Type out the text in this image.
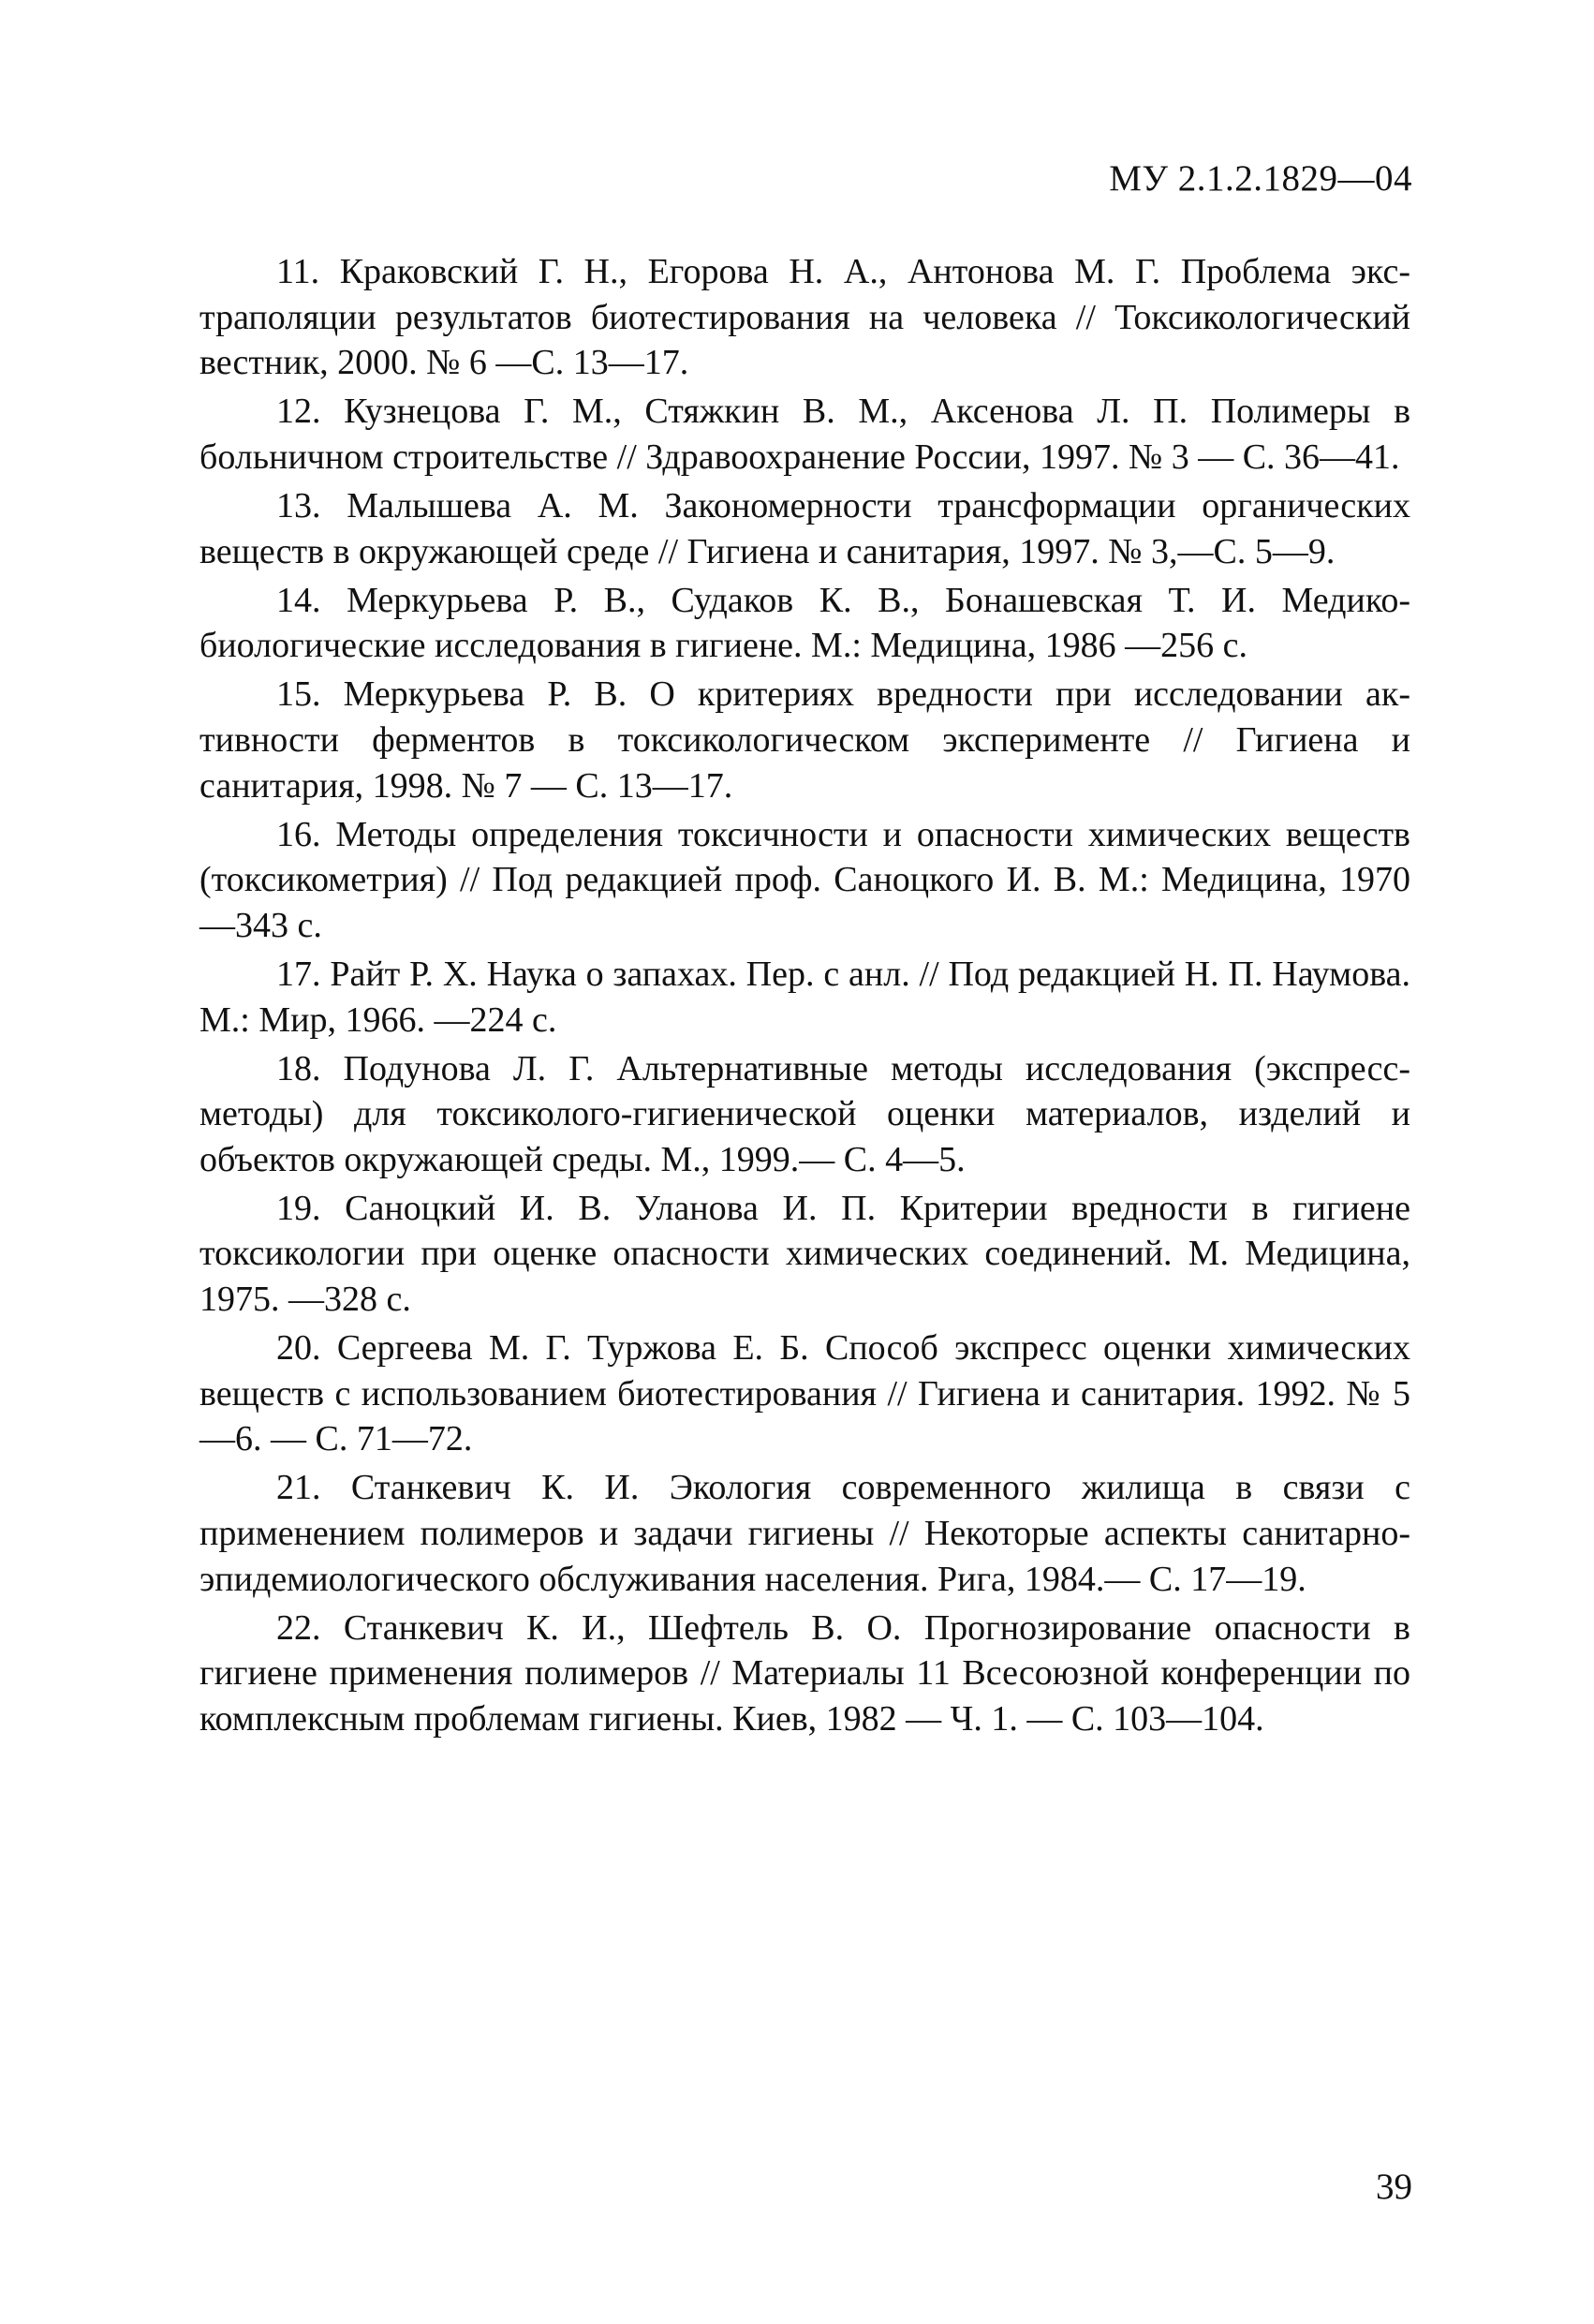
МУ 2.1.2.1829—04

11. Краковский Г. Н., Егорова Н. А., Антонова М. Г. Проблема экстраполяции результатов биотестирования на человека // Токсикологический вестник, 2000. № 6 —С. 13—17.

12. Кузнецова Г. М., Стяжкин В. М., Аксенова Л. П. Полимеры в больничном строительстве // Здравоохранение России, 1997. № 3 — С. 36—41.

13. Малышева А. М. Закономерности трансформации органических веществ в окружающей среде // Гигиена и санитария, 1997. № 3,—С. 5—9.

14. Меркурьева Р. В., Судаков К. В., Бонашевская Т. И. Медико-биологические исследования в гигиене. М.: Медицина, 1986 —256 с.

15. Меркурьева Р. В. О критериях вредности при исследовании активности ферментов в токсикологическом эксперименте // Гигиена и санитария, 1998. № 7 — С. 13—17.

16. Методы определения токсичности и опасности химических веществ (токсикометрия) // Под редакцией проф. Саноцкого И. В. М.: Медицина, 1970 —343 с.

17. Райт Р. X. Наука о запахах. Пер. с анл. // Под редакцией Н. П. Наумова. М.: Мир, 1966. —224 с.

18. Подунова Л. Г. Альтернативные методы исследования (экспресс-методы) для токсиколого-гигиенической оценки материалов, изделий и объектов окружающей среды. М., 1999.— С. 4—5.

19. Саноцкий И. В. Уланова И. П. Критерии вредности в гигиене токсикологии при оценке опасности химических соединений. М. Медицина, 1975. —328 с.

20. Сергеева М. Г. Туржова Е. Б. Способ экспресс оценки химических веществ с использованием биотестирования // Гигиена и санитария. 1992. № 5—6. — С. 71—72.

21. Станкевич К. И. Экология современного жилища в связи с применением полимеров и задачи гигиены // Некоторые аспекты санитарно-эпидемиологического обслуживания населения. Рига, 1984.— С. 17—19.

22. Станкевич К. И., Шефтель В. О. Прогнозирование опасности в гигиене применения полимеров // Материалы 11 Всесоюзной конференции по комплексным проблемам гигиены. Киев, 1982 — Ч. 1. — С. 103—104.

39
